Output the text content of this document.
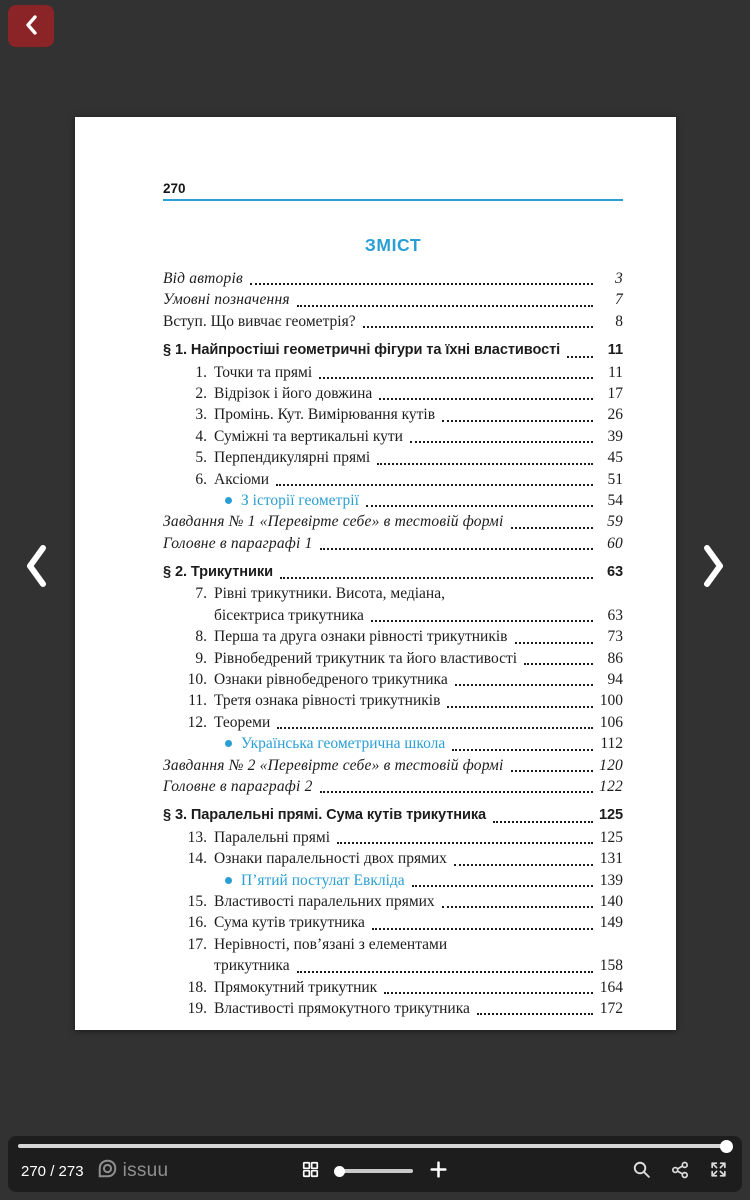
270
ЗМІСТ
Від авторів	3
Умовні позначення	7
Вступ. Що вивчає геометрія?	8
§ 1. Найпростіші геометричні фігури та їхні властивості	11
1. Точки та прямі	11
2. Відрізок і його довжина	17
3. Промінь. Кут. Вимірювання кутів	26
4. Суміжні та вертикальні кути	39
5. Перпендикулярні прямі	45
6. Аксіоми	51
З історії геометрії	54
Завдання № 1 «Перевірте себе» в тестовій формі	59
Головне в параграфі 1	60
§ 2. Трикутники	63
7. Рівні трикутники. Висота, медіана,
бісектриса трикутника	63
8. Перша та друга ознаки рівності трикутників	73
9. Рівнобедрений трикутник та його властивості	86
10. Ознаки рівнобедреного трикутника	94
11. Третя ознака рівності трикутників	100
12. Теореми	106
Українська геометрична школа	112
Завдання № 2 «Перевірте себе» в тестовій формі	120
Головне в параграфі 2	122
§ 3. Паралельні прямі. Сума кутів трикутника	125
13. Паралельні прямі	125
14. Ознаки паралельності двох прямих	131
П’ятий постулат Евкліда	139
15. Властивості паралельних прямих	140
16. Сума кутів трикутника	149
17. Нерівності, пов’язані з елементами
трикутника	158
18. Прямокутний трикутник	164
19. Властивості прямокутного трикутника	172
270 / 273 issuu
